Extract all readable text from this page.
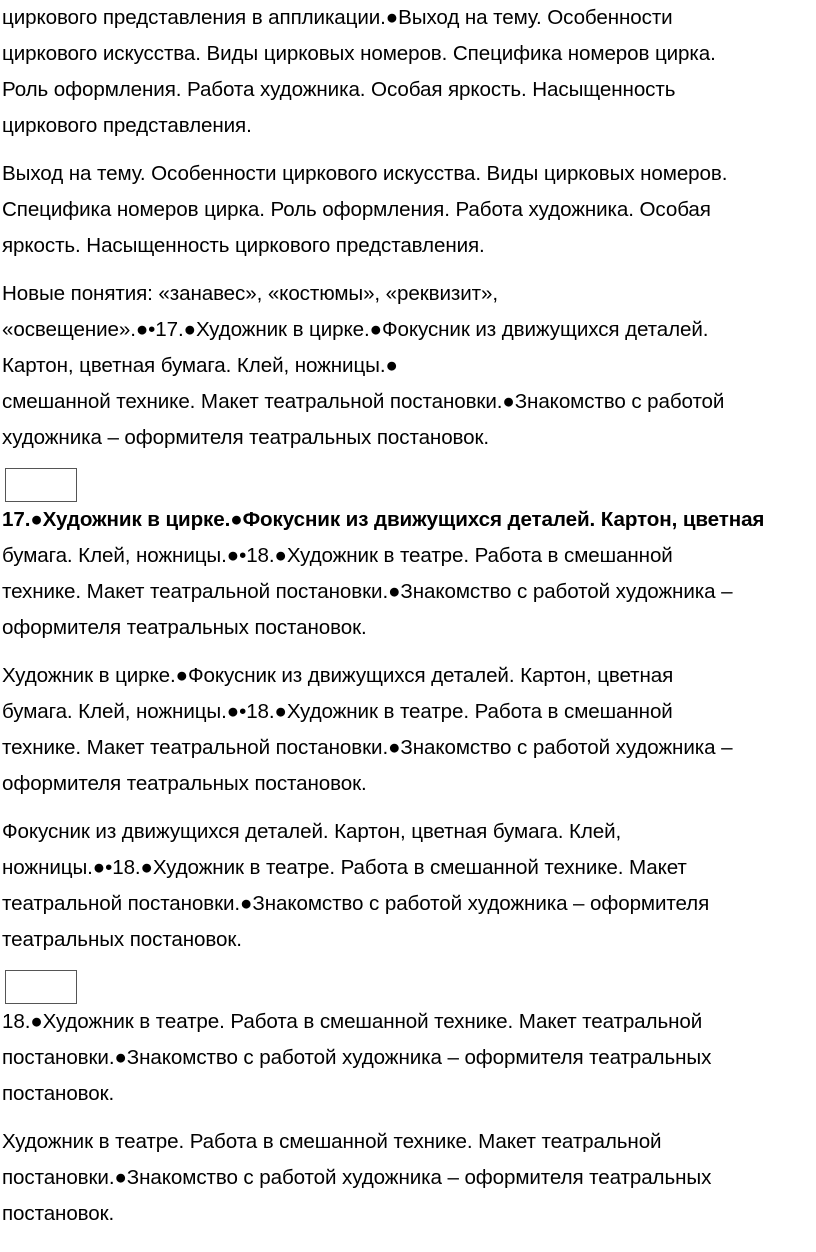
циркового представления в аппликации.●Выход на тему. Особенности
циркового искусства. Виды цирковых номеров. Специфика номеров цирка.
Роль оформления. Работа художника. Особая яркость. Насыщенность
циркового представления.

Выход на тему. Особенности циркового искусства. Виды цирковых номеров.
Специфика номеров цирка. Роль оформления. Работа художника. Особая
яркость. Насыщенность циркового представления.

Новые понятия: «занавес», «костюмы», «реквизит»,
«освещение».●•17.●Художник в цирке.●Фокусник из движущихся деталей.
Картон, цветная бумага. Клей, ножницы.●
смешанной технике. Макет театральной постановки.●Знакомство с работой
художника – оформителя театральных постановок.

17.●Художник в цирке.●Фокусник из движущихся деталей. Картон, цветная
бумага. Клей, ножницы.●•18.●Художник в театре. Работа в смешанной
технике. Макет театральной постановки.●Знакомство с работой художника –
оформителя театральных постановок.

Художник в цирке.●Фокусник из движущихся деталей. Картон, цветная
бумага. Клей, ножницы.●•18.●Художник в театре. Работа в смешанной
технике. Макет театральной постановки.●Знакомство с работой художника –
оформителя театральных постановок.

Фокусник из движущихся деталей. Картон, цветная бумага. Клей,
ножницы.●•18.●Художник в театре. Работа в смешанной технике. Макет
театральной постановки.●Знакомство с работой художника – оформителя
театральных постановок.

18.●Художник в театре. Работа в смешанной технике. Макет театральной
постановки.●Знакомство с работой художника – оформителя театральных
постановок.

Художник в театре. Работа в смешанной технике. Макет театральной
постановки.●Знакомство с работой художника – оформителя театральных
постановок.
